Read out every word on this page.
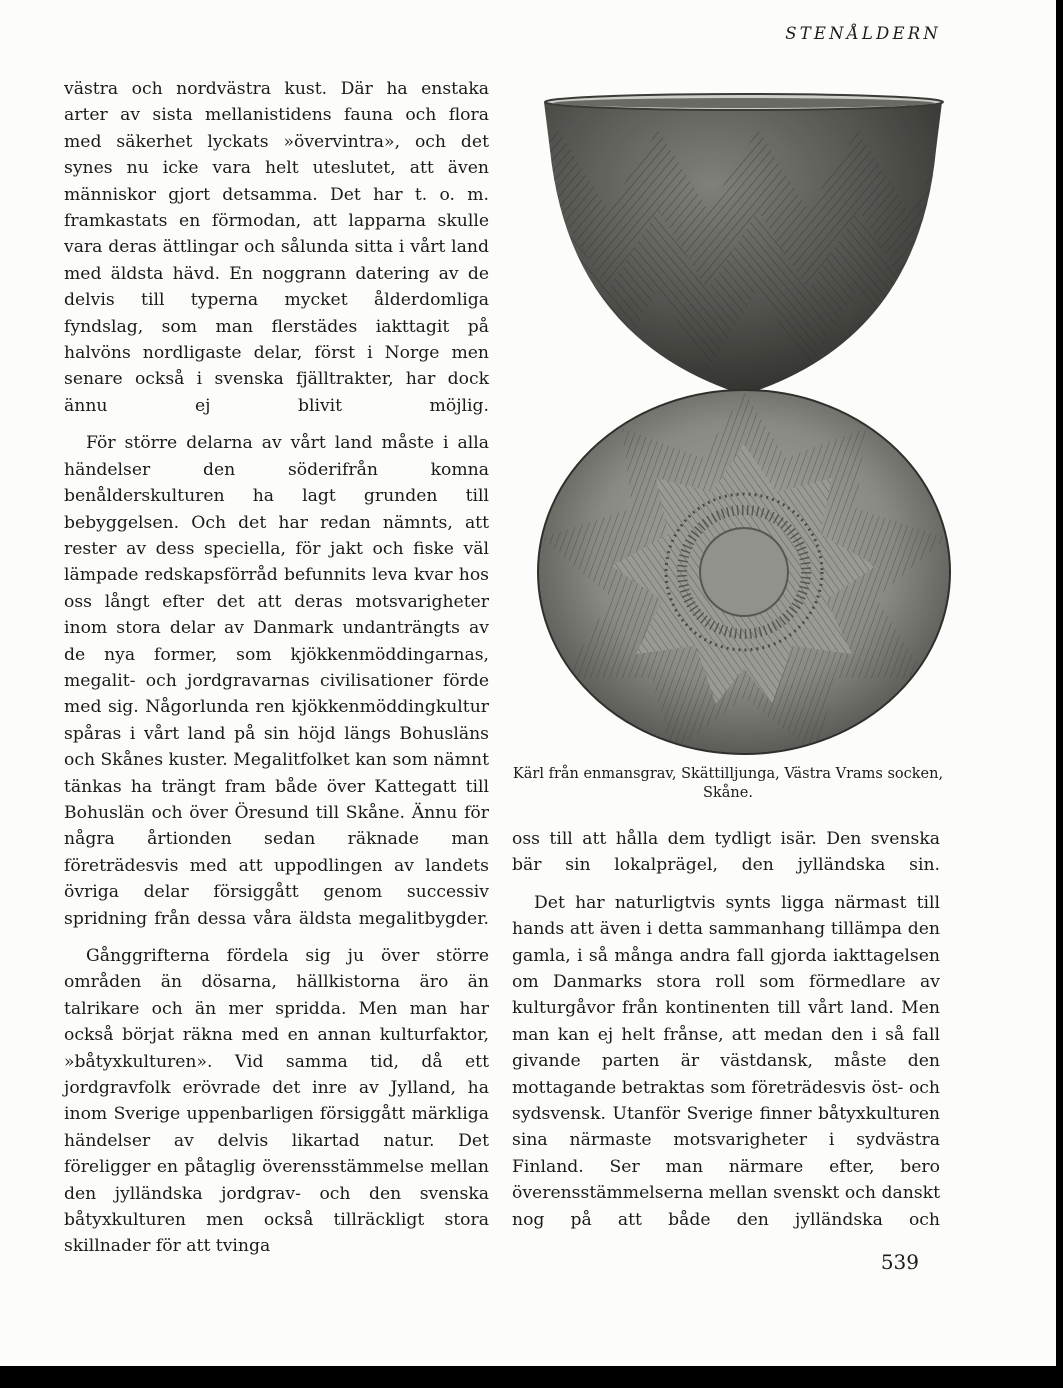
STENÅLDERN

västra och nordvästra kust. Där ha enstaka arter av sista mellanistidens fauna och flora med säkerhet lyckats »övervintra», och det synes nu icke vara helt uteslutet, att även människor gjort detsamma. Det har t. o. m. framkastats en förmodan, att lapparna skulle vara deras ättlingar och sålunda sitta i vårt land med äldsta hävd. En noggrann datering av de delvis till typerna mycket ålderdomliga fyndslag, som man flerstädes iakttagit på halvöns nordligaste delar, först i Norge men senare också i svenska fjälltrakter, har dock ännu ej blivit möjlig.

För större delarna av vårt land måste i alla händelser den söderifrån komna benålderskulturen ha lagt grunden till bebyggelsen. Och det har redan nämnts, att rester av dess speciella, för jakt och fiske väl lämpade redskapsförråd befunnits leva kvar hos oss långt efter det att deras motsvarigheter inom stora delar av Danmark undanträngts av de nya former, som kjökkenmöddingarnas, megalit- och jordgravarnas civilisationer förde med sig. Någorlunda ren kjökkenmöddingkultur spåras i vårt land på sin höjd längs Bohusläns och Skånes kuster. Megalitfolket kan som nämnt tänkas ha trängt fram både över Kattegatt till Bohuslän och över Öresund till Skåne. Ännu för några årtionden sedan räknade man företrädesvis med att uppodlingen av landets övriga delar försiggått genom successiv spridning från dessa våra äldsta megalitbygder.

Gånggrifterna fördela sig ju över större områden än dösarna, hällkistorna äro än talrikare och än mer spridda. Men man har också börjat räkna med en annan kulturfaktor, »båtyxkulturen». Vid samma tid, då ett jordgravfolk erövrade det inre av Jylland, ha inom Sverige uppenbarligen försiggått märkliga händelser av delvis likartad natur. Det föreligger en påtaglig överensstämmelse mellan den jylländska jordgrav- och den svenska båtyxkulturen men också tillräckligt stora skillnader för att tvinga

Kärl från enmansgrav, Skättilljunga, Västra Vrams socken, Skåne.

oss till att hålla dem tydligt isär. Den svenska bär sin lokalprägel, den jylländska sin.

Det har naturligtvis synts ligga närmast till hands att även i detta sammanhang tillämpa den gamla, i så många andra fall gjorda iakttagelsen om Danmarks stora roll som förmedlare av kulturgåvor från kontinenten till vårt land. Men man kan ej helt frånse, att medan den i så fall givande parten är västdansk, måste den mottagande betraktas som företrädesvis öst- och sydsvensk. Utanför Sverige finner båtyxkulturen sina närmaste motsvarigheter i sydvästra Finland. Ser man närmare efter, bero överensstämmelserna mellan svenskt och danskt nog på att både den jylländska och

539
